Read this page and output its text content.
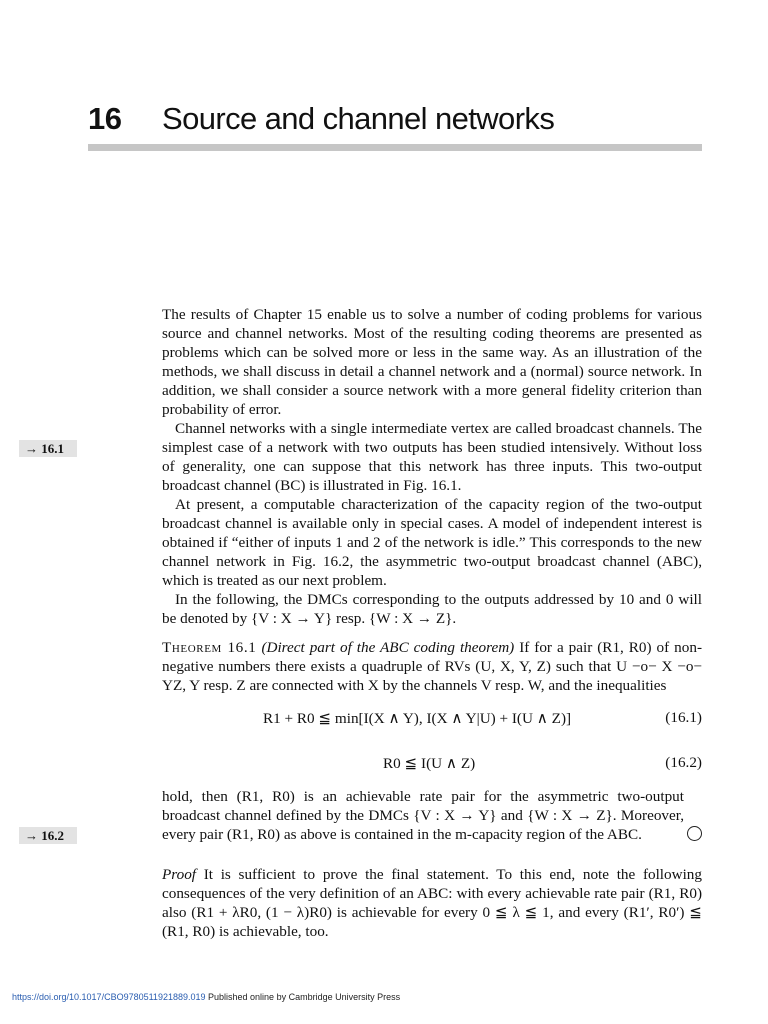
16 Source and channel networks
→ 16.1
→ 16.2

The results of Chapter 15 enable us to solve a number of coding problems for various source and channel networks. Most of the resulting coding theorems are presented as problems which can be solved more or less in the same way. As an illustration of the methods, we shall discuss in detail a channel network and a (normal) source network. In addition, we shall consider a source network with a more general fidelity criterion than probability of error.

Channel networks with a single intermediate vertex are called broadcast channels. The simplest case of a network with two outputs has been studied intensively. Without loss of generality, one can suppose that this network has three inputs. This two-output broadcast channel (BC) is illustrated in Fig. 16.1.

At present, a computable characterization of the capacity region of the two-output broadcast channel is available only in special cases. A model of independent interest is obtained if “either of inputs 1 and 2 of the network is idle.” This corresponds to the new channel network in Fig. 16.2, the asymmetric two-output broadcast channel (ABC), which is treated as our next problem.

In the following, the DMCs corresponding to the outputs addressed by 10 and 0 will be denoted by {V : X → Y} resp. {W : X → Z}.

Theorem 16.1 (Direct part of the ABC coding theorem) If for a pair (R1, R0) of non-negative numbers there exists a quadruple of RVs (U, X, Y, Z) such that U −o− X −o− YZ, Y resp. Z are connected with X by the channels V resp. W, and the inequalities

R1 + R0 ≦ min[I(X ∧ Y), I(X ∧ Y|U) + I(U ∧ Z)]	(16.1)
R0 ≦ I(U ∧ Z)	(16.2)

hold, then (R1, R0) is an achievable rate pair for the asymmetric two-output broadcast channel defined by the DMCs {V : X → Y} and {W : X → Z}. Moreover, every pair (R1, R0) as above is contained in the m-capacity region of the ABC.

Proof It is sufficient to prove the final statement. To this end, note the following consequences of the very definition of an ABC: with every achievable rate pair (R1, R0) also (R1 + λR0, (1 − λ)R0) is achievable for every 0 ≦ λ ≦ 1, and every (R1′, R0′) ≦ (R1, R0) is achievable, too.

https://doi.org/10.1017/CBO9780511921889.019 Published online by Cambridge University Press
